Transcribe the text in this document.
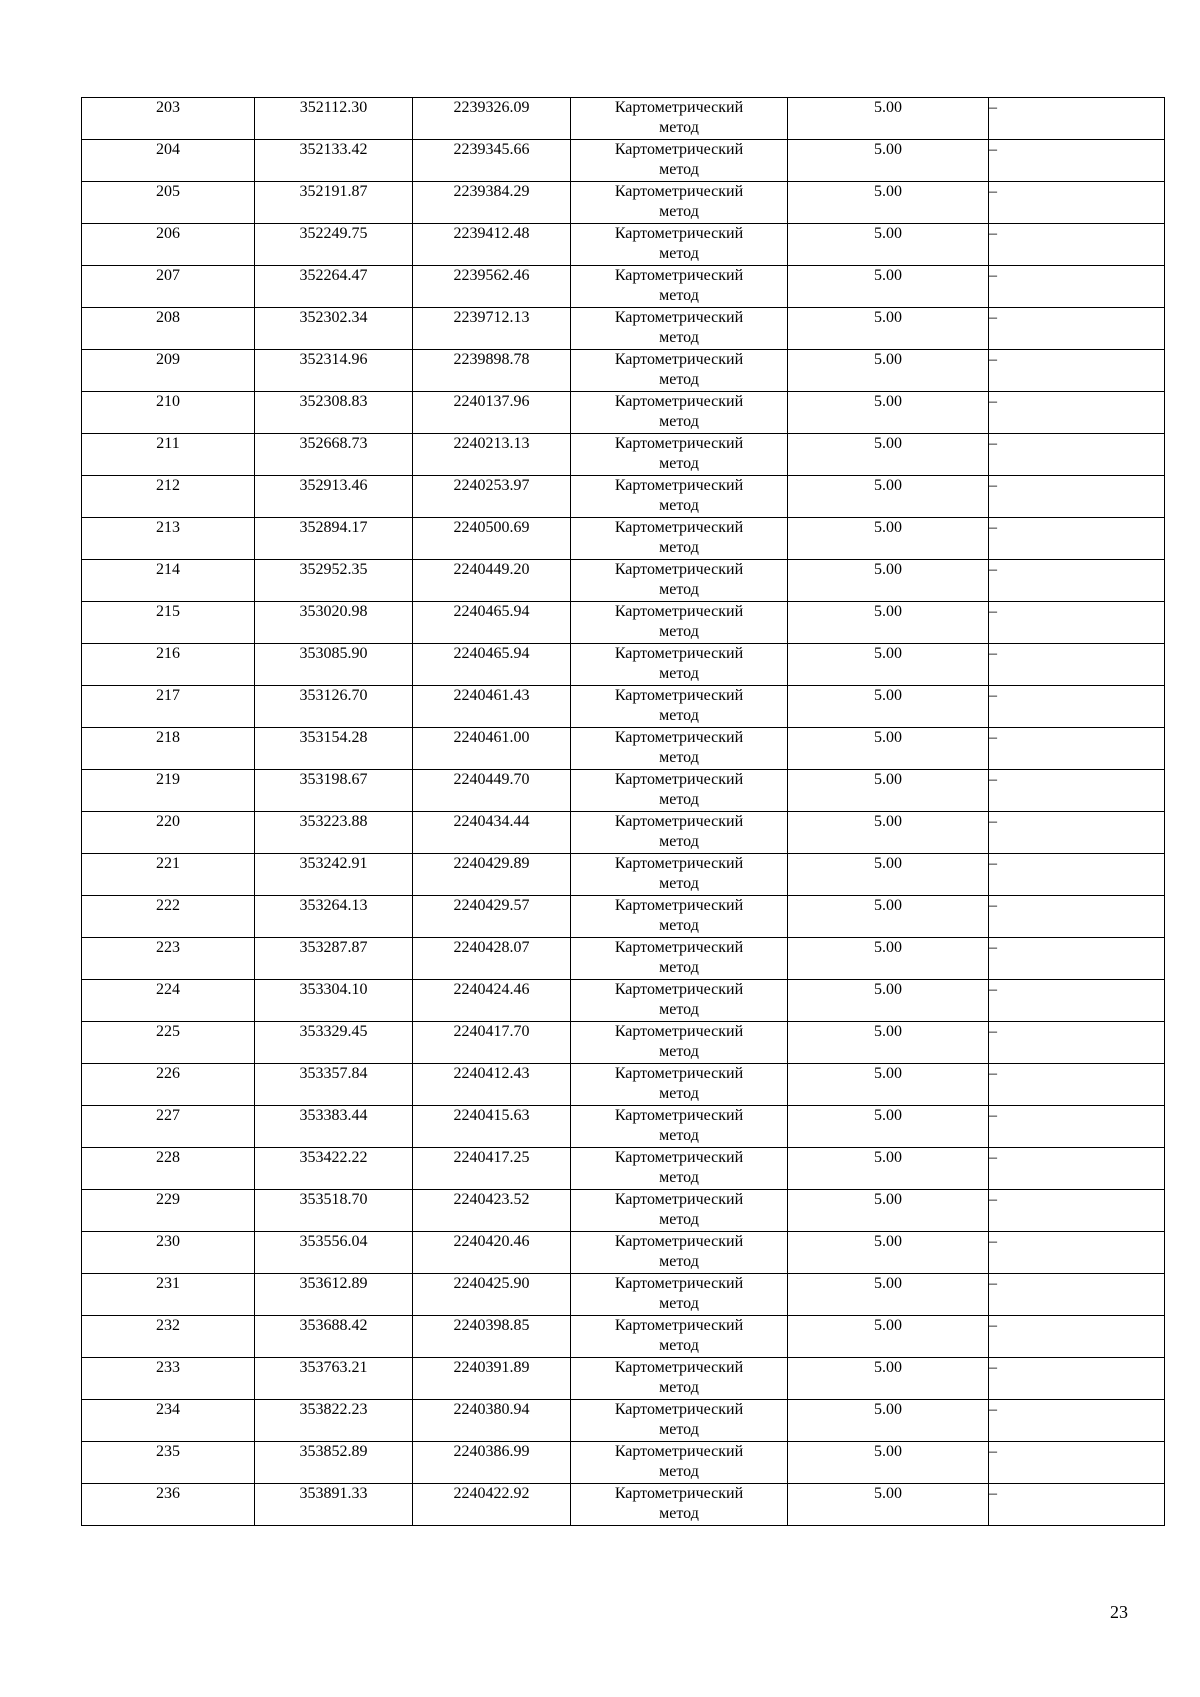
203	352112.30	2239326.09	Картометрический
метод	5.00	–
204	352133.42	2239345.66	Картометрический
метод	5.00	–
205	352191.87	2239384.29	Картометрический
метод	5.00	–
206	352249.75	2239412.48	Картометрический
метод	5.00	–
207	352264.47	2239562.46	Картометрический
метод	5.00	–
208	352302.34	2239712.13	Картометрический
метод	5.00	–
209	352314.96	2239898.78	Картометрический
метод	5.00	–
210	352308.83	2240137.96	Картометрический
метод	5.00	–
211	352668.73	2240213.13	Картометрический
метод	5.00	–
212	352913.46	2240253.97	Картометрический
метод	5.00	–
213	352894.17	2240500.69	Картометрический
метод	5.00	–
214	352952.35	2240449.20	Картометрический
метод	5.00	–
215	353020.98	2240465.94	Картометрический
метод	5.00	–
216	353085.90	2240465.94	Картометрический
метод	5.00	–
217	353126.70	2240461.43	Картометрический
метод	5.00	–
218	353154.28	2240461.00	Картометрический
метод	5.00	–
219	353198.67	2240449.70	Картометрический
метод	5.00	–
220	353223.88	2240434.44	Картометрический
метод	5.00	–
221	353242.91	2240429.89	Картометрический
метод	5.00	–
222	353264.13	2240429.57	Картометрический
метод	5.00	–
223	353287.87	2240428.07	Картометрический
метод	5.00	–
224	353304.10	2240424.46	Картометрический
метод	5.00	–
225	353329.45	2240417.70	Картометрический
метод	5.00	–
226	353357.84	2240412.43	Картометрический
метод	5.00	–
227	353383.44	2240415.63	Картометрический
метод	5.00	–
228	353422.22	2240417.25	Картометрический
метод	5.00	–
229	353518.70	2240423.52	Картометрический
метод	5.00	–
230	353556.04	2240420.46	Картометрический
метод	5.00	–
231	353612.89	2240425.90	Картометрический
метод	5.00	–
232	353688.42	2240398.85	Картометрический
метод	5.00	–
233	353763.21	2240391.89	Картометрический
метод	5.00	–
234	353822.23	2240380.94	Картометрический
метод	5.00	–
235	353852.89	2240386.99	Картометрический
метод	5.00	–
236	353891.33	2240422.92	Картометрический
метод	5.00	–
23
